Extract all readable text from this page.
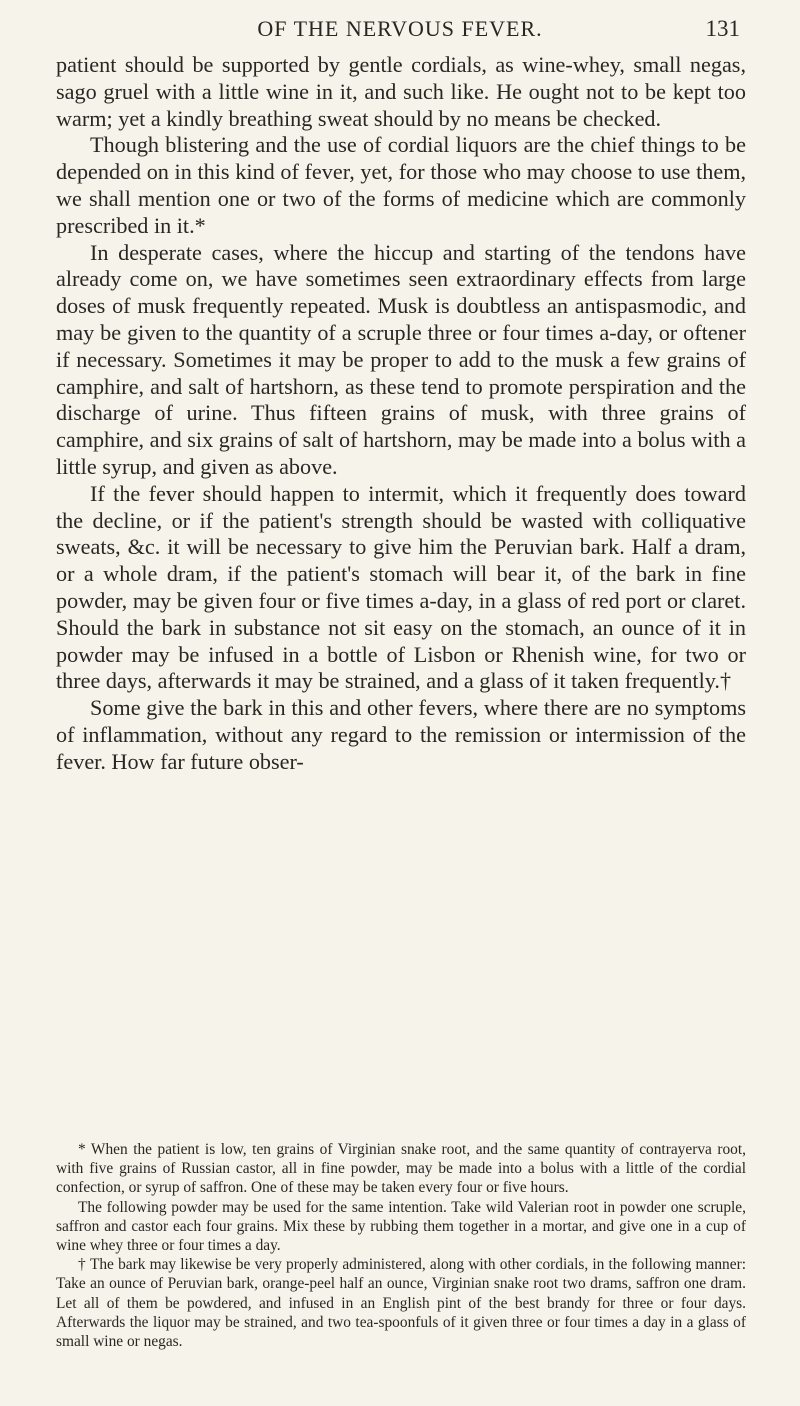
OF THE NERVOUS FEVER.	131

patient should be supported by gentle cordials, as wine-whey, small negas, sago gruel with a little wine in it, and such like. He ought not to be kept too warm; yet a kindly breathing sweat should by no means be checked.

Though blistering and the use of cordial liquors are the chief things to be depended on in this kind of fever, yet, for those who may choose to use them, we shall mention one or two of the forms of medicine which are commonly prescribed in it.*

In desperate cases, where the hiccup and starting of the tendons have already come on, we have sometimes seen extraordinary effects from large doses of musk frequently repeated. Musk is doubtless an antispasmodic, and may be given to the quantity of a scruple three or four times a-day, or oftener if necessary. Sometimes it may be proper to add to the musk a few grains of camphire, and salt of hartshorn, as these tend to promote perspiration and the discharge of urine. Thus fifteen grains of musk, with three grains of camphire, and six grains of salt of hartshorn, may be made into a bolus with a little syrup, and given as above.

If the fever should happen to intermit, which it frequently does toward the decline, or if the patient's strength should be wasted with colliquative sweats, &c. it will be necessary to give him the Peruvian bark. Half a dram, or a whole dram, if the patient's stomach will bear it, of the bark in fine powder, may be given four or five times a-day, in a glass of red port or claret. Should the bark in substance not sit easy on the stomach, an ounce of it in powder may be infused in a bottle of Lisbon or Rhenish wine, for two or three days, afterwards it may be strained, and a glass of it taken frequently.†

Some give the bark in this and other fevers, where there are no symptoms of inflammation, without any regard to the remission or intermission of the fever. How far future obser-

* When the patient is low, ten grains of Virginian snake root, and the same quantity of contrayerva root, with five grains of Russian castor, all in fine powder, may be made into a bolus with a little of the cordial confection, or syrup of saffron. One of these may be taken every four or five hours.

The following powder may be used for the same intention. Take wild Valerian root in powder one scruple, saffron and castor each four grains. Mix these by rubbing them together in a mortar, and give one in a cup of wine whey three or four times a day.

† The bark may likewise be very properly administered, along with other cordials, in the following manner: Take an ounce of Peruvian bark, orange-peel half an ounce, Virginian snake root two drams, saffron one dram. Let all of them be powdered, and infused in an English pint of the best brandy for three or four days. Afterwards the liquor may be strained, and two tea-spoonfuls of it given three or four times a day in a glass of small wine or negas.
